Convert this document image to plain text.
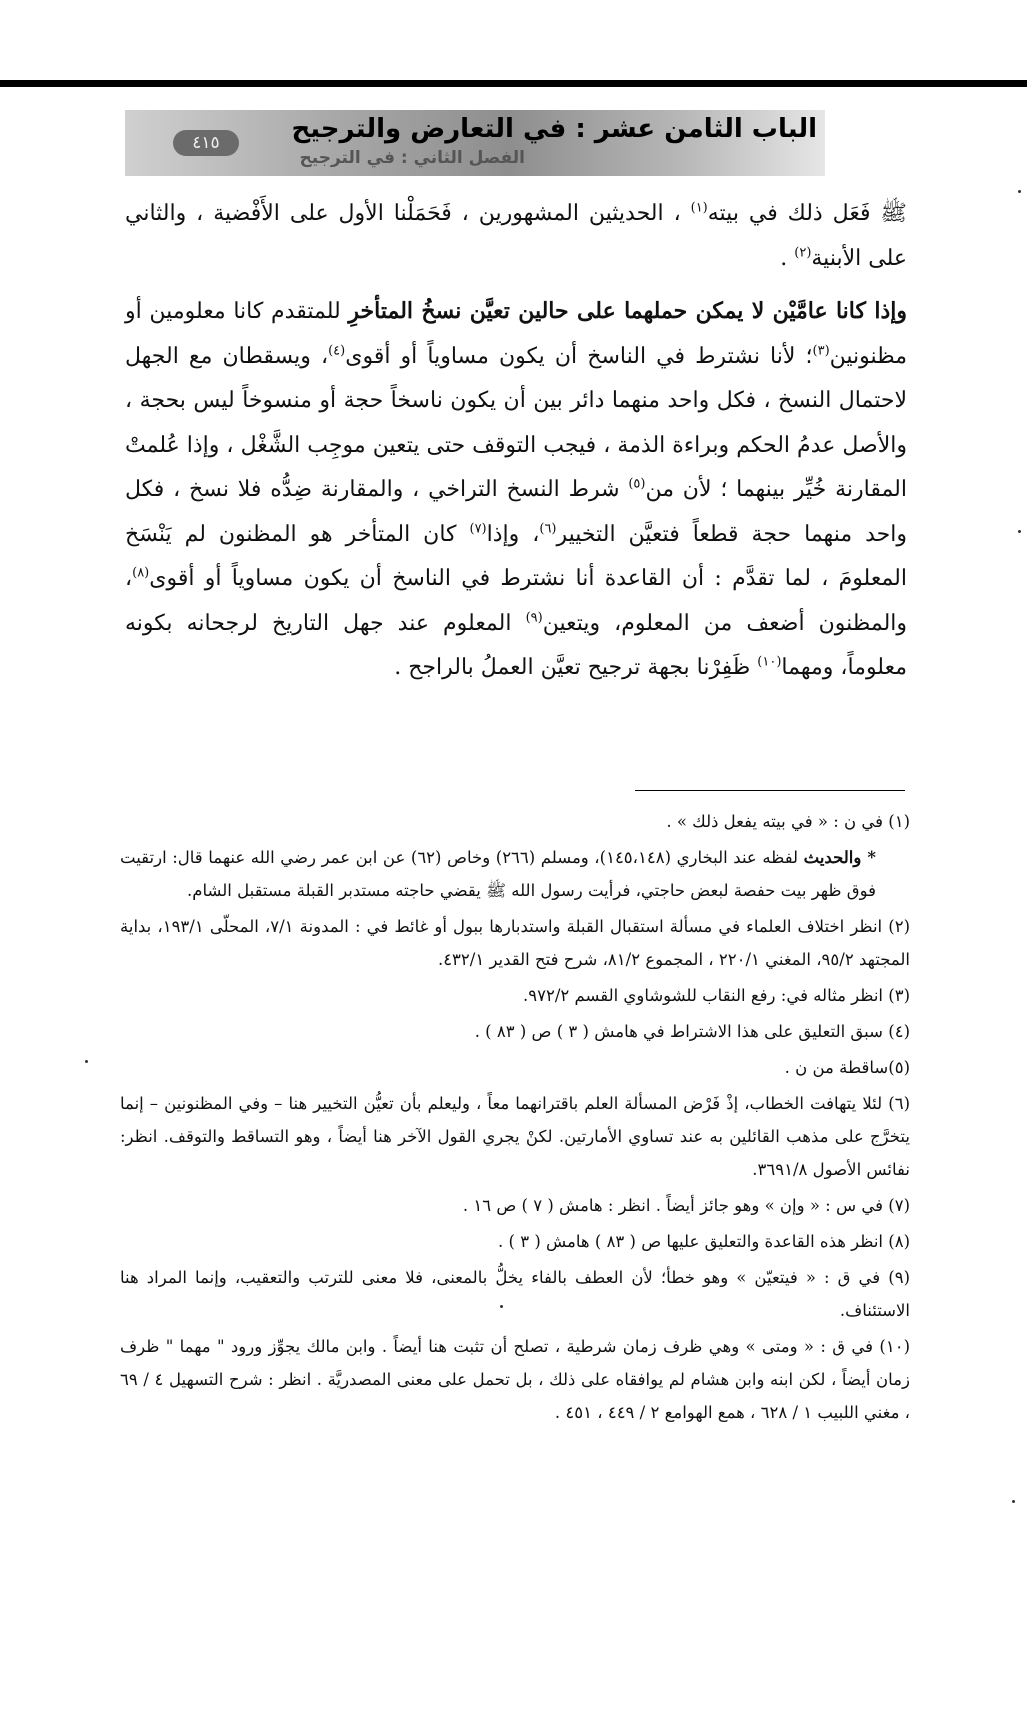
الباب الثامن عشر : في التعارض والترجيح
الفصل الثاني : في الترجيح
٤١٥

ﷺ فَعَل ذلك في بيته$^{(١)}$ ، الحديثين المشهورين ، فَحَمَلْنا الأول على الأَفْضية ، والثاني على الأبنية$^{(٢)}$ .

وإذا كانا عامَّيْن لا يمكن حملهما على حالين تعيَّن نسخُ المتأخرِ للمتقدم كانا معلومين أو مظنونين$^{(٣)}$؛ لأنا نشترط في الناسخ أن يكون مساوياً أو أقوى$^{(٤)}$، ويسقطان مع الجهل لاحتمال النسخ ، فكل واحد منهما دائر بين أن يكون ناسخاً حجة أو منسوخاً ليس بحجة ، والأصل عدمُ الحكم وبراءة الذمة ، فيجب التوقف حتى يتعين موجِب الشَّغْل ، وإذا عُلمتْ المقارنة خُيِّر بينهما ؛ لأن من$^{(٥)}$ شرط النسخ التراخي ، والمقارنة ضِدُّه فلا نسخ ، فكل واحد منهما حجة قطعاً فتعيَّن التخيير$^{(٦)}$، وإذا$^{(٧)}$ كان المتأخر هو المظنون لم يَنْسَخ المعلومَ ، لما تقدَّم : أن القاعدة أنا نشترط في الناسخ أن يكون مساوياً أو أقوى$^{(٨)}$، والمظنون أضعف من المعلوم، ويتعين$^{(٩)}$ المعلوم عند جهل التاريخ لرجحانه بكونه معلوماً، ومهما$^{(١٠)}$ ظَفِرْنا بجهة ترجيح تعيَّن العملُ بالراجح .

(١) في ن : « في بيته يفعل ذلك » .
* والحديث لفظه عند البخاري (١٤٥،١٤٨)، ومسلم (٢٦٦) وخاص (٦٢) عن ابن عمر رضي الله عنهما قال: ارتقيت فوق ظهر بيت حفصة لبعض حاجتي، فرأيت رسول الله ﷺ يقضي حاجته مستدبر القبلة مستقبل الشام.
(٢) انظر اختلاف العلماء في مسألة استقبال القبلة واستدبارها ببول أو غائط في : المدونة ٧/١، المحلّى ١٩٣/١، بداية المجتهد ٩٥/٢، المغني ٢٢٠/١ ، المجموع ٨١/٢، شرح فتح القدير ٤٣٢/١.
(٣) انظر مثاله في: رفع النقاب للشوشاوي القسم ٩٧٢/٢.
(٤) سبق التعليق على هذا الاشتراط في هامش ( ٣ ) ص ( ٨٣ ) .
(٥)ساقطة من ن .
(٦) لئلا يتهافت الخطاب، إذْ فَرْض المسألة العلم باقترانهما معاً ، وليعلم بأن تعيُّن التخيير هنا – وفي المظنونين – إنما يتخرَّج على مذهب القائلين به عند تساوي الأمارتين. لكنْ يجري القول الآخر هنا أيضاً ، وهو التساقط والتوقف. انظر: نفائس الأصول ٣٦٩١/٨.
(٧) في س : « وإن » وهو جائز أيضاً . انظر : هامش ( ٧ ) ص ١٦ .
(٨) انظر هذه القاعدة والتعليق عليها ص ( ٨٣ ) هامش ( ٣ ) .
(٩) في ق : « فيتعيّن » وهو خطأ؛ لأن العطف بالفاء يخلُّ بالمعنى، فلا معنى للترتب والتعقيب، وإنما المراد هنا الاستئناف.
(١٠) في ق : « ومتى » وهي ظرف زمان شرطية ، تصلح أن تثبت هنا أيضاً . وابن مالك يجوِّز ورود " مهما " ظرف زمان أيضاً ، لكن ابنه وابن هشام لم يوافقاه على ذلك ، بل تحمل على معنى المصدريَّة . انظر : شرح التسهيل ٤ / ٦٩ ، مغني اللبيب ١ / ٦٢٨ ، همع الهوامع ٢ / ٤٤٩ ، ٤٥١ .
